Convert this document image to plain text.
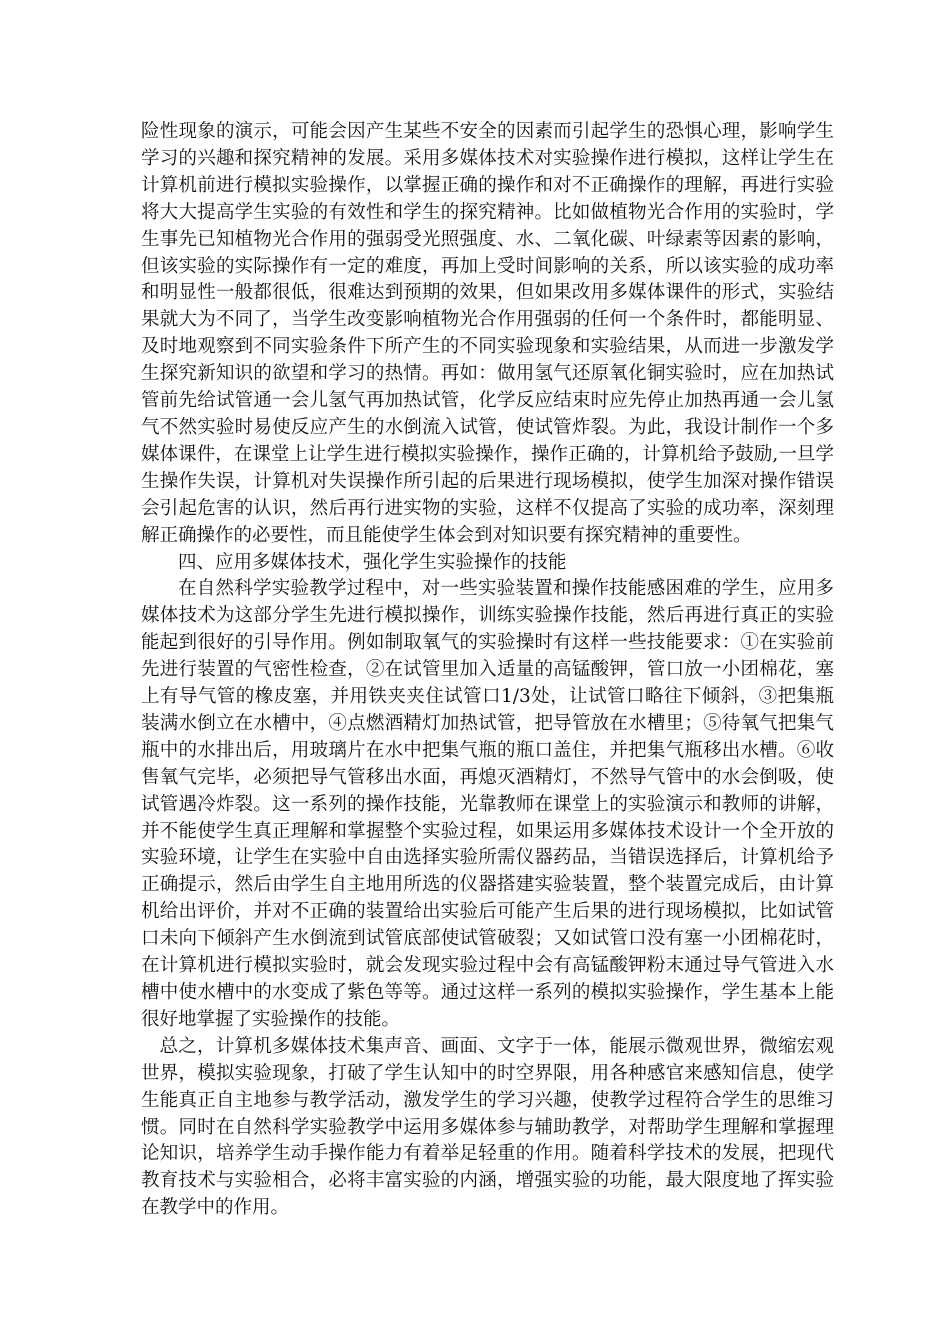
险性现象的演示，可能会因产生某些不安全的因素而引起学生的恐惧心理，影响学生学习的兴趣和探究精神的发展。采用多媒体技术对实验操作进行模拟，这样让学生在计算机前进行模拟实验操作，以掌握正确的操作和对不正确操作的理解，再进行实验将大大提高学生实验的有效性和学生的探究精神。比如做植物光合作用的实验时，学生事先已知植物光合作用的强弱受光照强度、水、二氧化碳、叶绿素等因素的影响，但该实验的实际操作有一定的难度，再加上受时间影响的关系，所以该实验的成功率和明显性一般都很低，很难达到预期的效果，但如果改用多媒体课件的形式，实验结果就大为不同了，当学生改变影响植物光合作用强弱的任何一个条件时，都能明显、及时地观察到不同实验条件下所产生的不同实验现象和实验结果，从而进一步激发学生探究新知识的欲望和学习的热情。再如：做用氢气还原氧化铜实验时，应在加热试管前先给试管通一会儿氢气再加热试管，化学反应结束时应先停止加热再通一会儿氢气不然实验时易使反应产生的水倒流入试管，使试管炸裂。为此，我设计制作一个多媒体课件，在课堂上让学生进行模拟实验操作，操作正确的，计算机给予鼓励,一旦学生操作失误，计算机对失误操作所引起的后果进行现场模拟，使学生加深对操作错误会引起危害的认识，然后再行进实物的实验，这样不仅提高了实验的成功率，深刻理解正确操作的必要性，而且能使学生体会到对知识要有探究精神的重要性。

四、应用多媒体技术，强化学生实验操作的技能

在自然科学实验教学过程中，对一些实验装置和操作技能感困难的学生，应用多媒体技术为这部分学生先进行模拟操作，训练实验操作技能，然后再进行真正的实验能起到很好的引导作用。例如制取氧气的实验操时有这样一些技能要求：①在实验前先进行装置的气密性检查，②在试管里加入适量的高锰酸钾，管口放一小团棉花，塞上有导气管的橡皮塞，并用铁夹夹住试管口1/3处，让试管口略往下倾斜，③把集瓶装满水倒立在水槽中，④点燃酒精灯加热试管，把导管放在水槽里；⑤待氧气把集气瓶中的水排出后，用玻璃片在水中把集气瓶的瓶口盖住，并把集气瓶移出水槽。⑥收售氧气完毕，必须把导气管移出水面，再熄灭酒精灯，不然导气管中的水会倒吸，使试管遇冷炸裂。这一系列的操作技能，光靠教师在课堂上的实验演示和教师的讲解，并不能使学生真正理解和掌握整个实验过程，如果运用多媒体技术设计一个全开放的实验环境，让学生在实验中自由选择实验所需仪器药品，当错误选择后，计算机给予正确提示，然后由学生自主地用所选的仪器搭建实验装置，整个装置完成后，由计算机给出评价，并对不正确的装置给出实验后可能产生后果的进行现场模拟，比如试管口未向下倾斜产生水倒流到试管底部使试管破裂；又如试管口没有塞一小团棉花时，在计算机进行模拟实验时，就会发现实验过程中会有高锰酸钾粉末通过导气管进入水槽中使水槽中的水变成了紫色等等。通过这样一系列的模拟实验操作，学生基本上能很好地掌握了实验操作的技能。

总之，计算机多媒体技术集声音、画面、文字于一体，能展示微观世界，微缩宏观世界，模拟实验现象，打破了学生认知中的时空界限，用各种感官来感知信息，使学生能真正自主地参与教学活动，激发学生的学习兴趣，使教学过程符合学生的思维习惯。同时在自然科学实验教学中运用多媒体参与辅助教学，对帮助学生理解和掌握理论知识，培养学生动手操作能力有着举足轻重的作用。随着科学技术的发展，把现代教育技术与实验相合，必将丰富实验的内涵，增强实验的功能，最大限度地了挥实验在教学中的作用。
